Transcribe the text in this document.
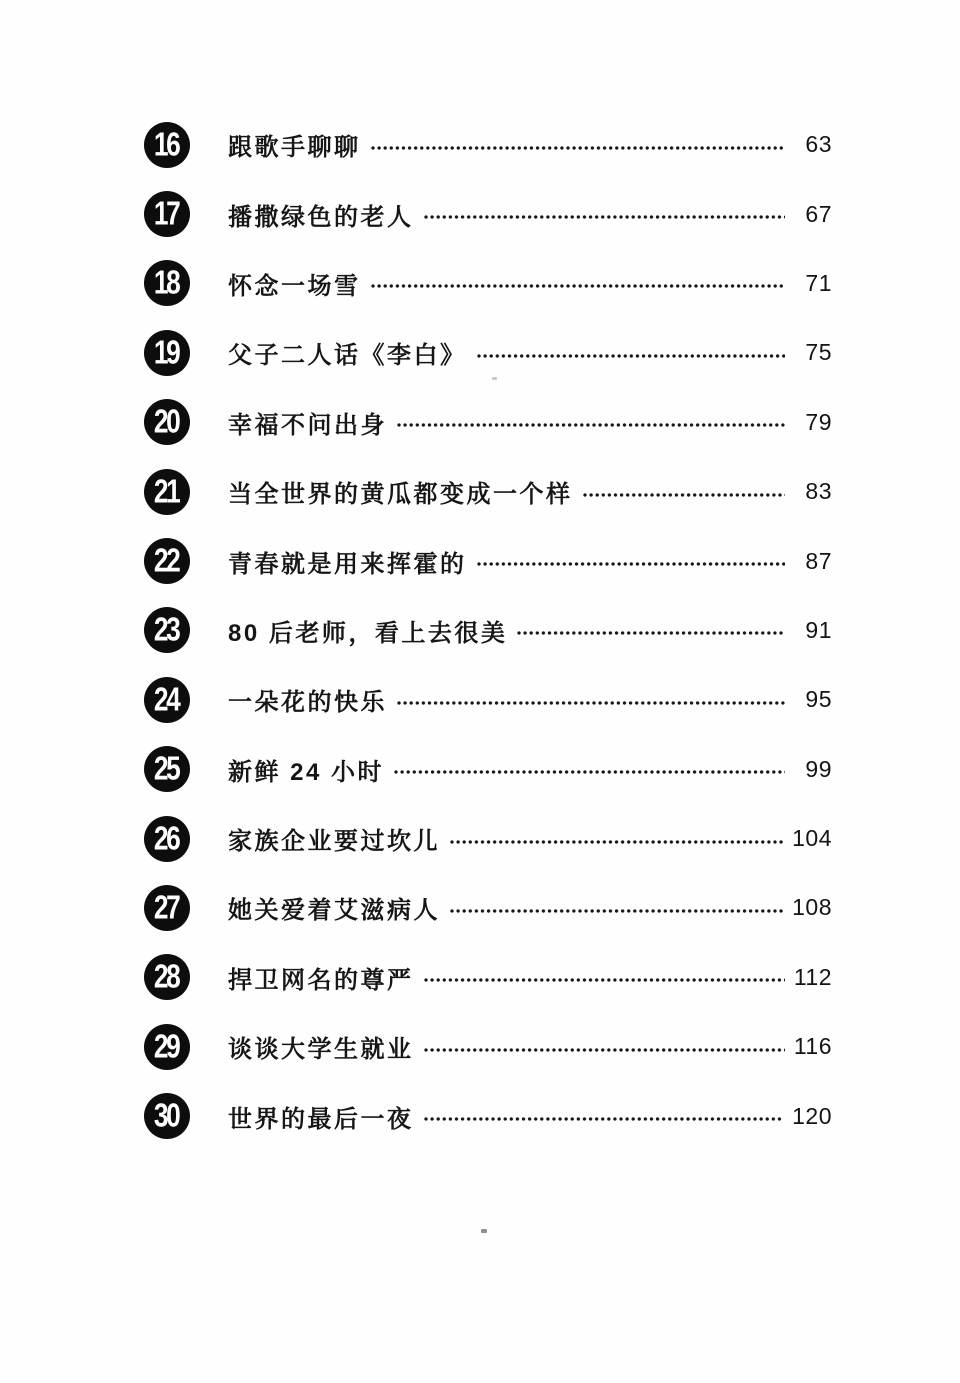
16 跟歌手聊聊	63
17 播撒绿色的老人	67
18 怀念一场雪	71
19 父子二人话《李白》	75
20 幸福不问出身	79
21 当全世界的黄瓜都变成一个样	83
22 青春就是用来挥霍的	87
23 80 后老师，看上去很美	91
24 一朵花的快乐	95
25 新鲜 24 小时	99
26 家族企业要过坎儿	104
27 她关爱着艾滋病人	108
28 捍卫网名的尊严	112
29 谈谈大学生就业	116
30 世界的最后一夜	120
